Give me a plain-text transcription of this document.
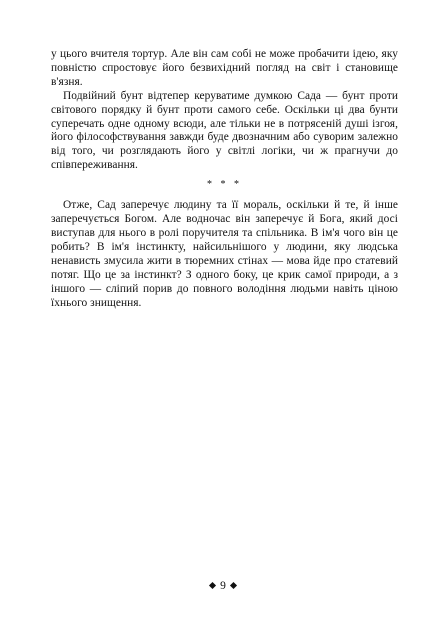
у цього вчителя тортур. Але він сам собі не може пробачити ідею, яку повністю спростовує його безвихідний погляд на світ і становище в'язня.

Подвійний бунт відтепер керуватиме думкою Сада — бунт проти світового порядку й бунт проти самого себе. Оскільки ці два бунти суперечать одне одному всюди, але тільки не в потрясеній душі ізгоя, його філософствування завжди буде двозначним або суворим залежно від того, чи розглядають його у світлі логіки, чи ж прагнучи до співпереживання.

* * *

Отже, Сад заперечує людину та її мораль, оскільки й те, й інше заперечується Богом. Але водночас він заперечує й Бога, який досі виступав для нього в ролі поручителя та спільника. В ім'я чого він це робить? В ім'я інстинкту, найсильнішого у людини, яку людська ненависть змусила жити в тюремних стінах — мова йде про статевий потяг. Що це за інстинкт? З одного боку, це крик самої природи, а з іншого — сліпий порив до повного володіння людьми навіть ціною їхнього знищення.

9
